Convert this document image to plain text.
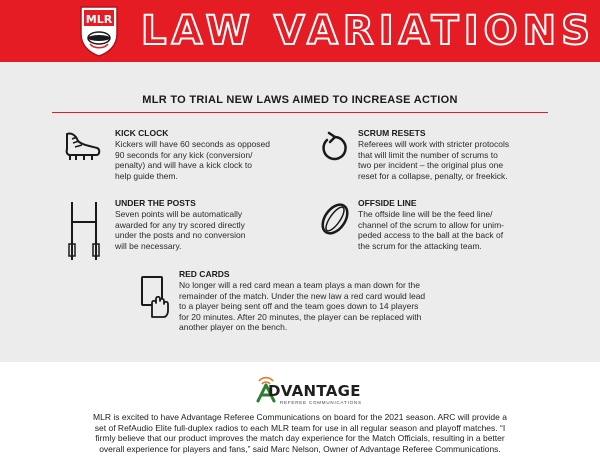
MLR LAW VARIATIONS
MLR TO TRIAL NEW LAWS AIMED TO INCREASE ACTION
KICK CLOCK
Kickers will have 60 seconds as opposed
90 seconds for any kick (conversion/
penalty) and will have a kick clock to
help guide them.
SCRUM RESETS
Referees will work with stricter protocols
that will limit the number of scrums to
two per incident – the original plus one
reset for a collapse, penalty, or freekick.
UNDER THE POSTS
Seven points will be automatically
awarded for any try scored directly
under the posts and no conversion
will be necessary.
OFFSIDE LINE
The offside line will be the feed line/
channel of the scrum to allow for unim-
peded access to the ball at the back of
the scrum for the attacking team.
RED CARDS
No longer will a red card mean a team plays a man down for the
remainder of the match. Under the new law a red card would lead
to a player being sent off and the team goes down to 14 players
for 20 minutes. After 20 minutes, the player can be replaced with
another player on the bench.
DVANTAGE
REFEREE COMMUNICATIONS
MLR is excited to have Advantage Referee Communications on board for the 2021 season. ARC will provide a
set of RefAudio Elite full-duplex radios to each MLR team for use in all regular season and playoff matches. “I
firmly believe that our product improves the match day experience for the Match Officials, resulting in a better
overall experience for players and fans,” said Marc Nelson, Owner of Advantage Referee Communications.
